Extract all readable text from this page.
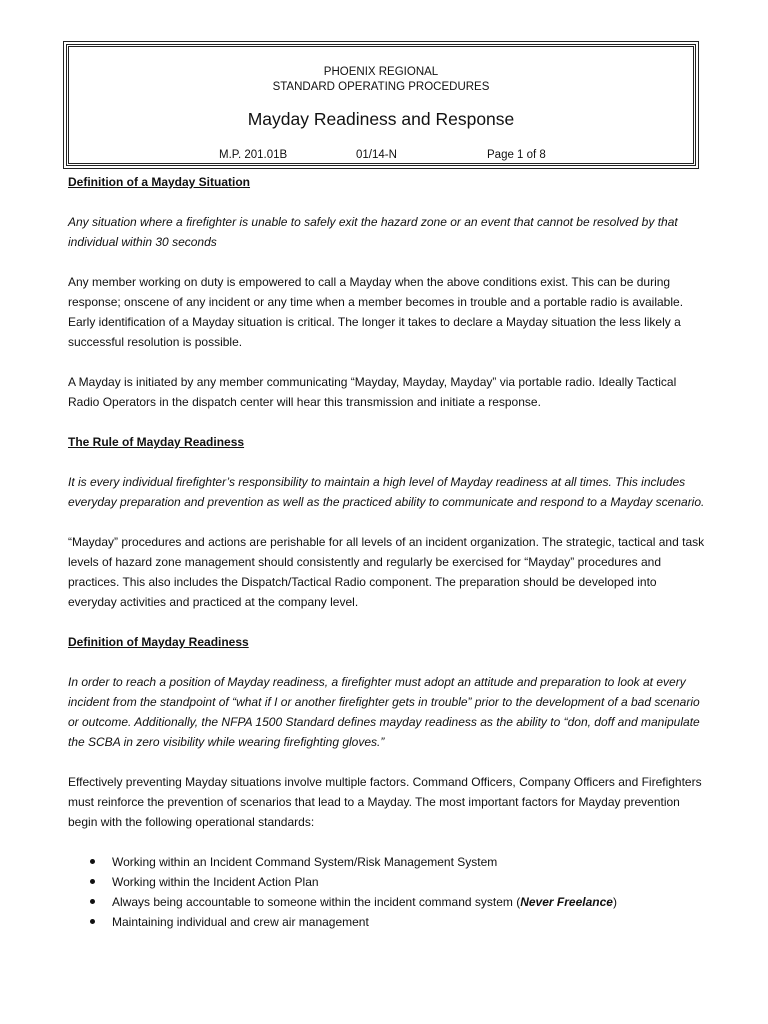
PHOENIX REGIONAL
STANDARD OPERATING PROCEDURES
Mayday Readiness and Response
M.P. 201.01B	01/14-N	Page 1 of 8

Definition of a Mayday Situation

Any situation where a firefighter is unable to safely exit the hazard zone or an event that cannot be resolved by that individual within 30 seconds

Any member working on duty is empowered to call a Mayday when the above conditions exist. This can be during response; onscene of any incident or any time when a member becomes in trouble and a portable radio is available. Early identification of a Mayday situation is critical. The longer it takes to declare a Mayday situation the less likely a successful resolution is possible.

A Mayday is initiated by any member communicating “Mayday, Mayday, Mayday” via portable radio. Ideally Tactical Radio Operators in the dispatch center will hear this transmission and initiate a response.

The Rule of Mayday Readiness

It is every individual firefighter’s responsibility to maintain a high level of Mayday readiness at all times. This includes everyday preparation and prevention as well as the practiced ability to communicate and respond to a Mayday scenario.

“Mayday” procedures and actions are perishable for all levels of an incident organization. The strategic, tactical and task levels of hazard zone management should consistently and regularly be exercised for “Mayday” procedures and practices. This also includes the Dispatch/Tactical Radio component. The preparation should be developed into everyday activities and practiced at the company level.

Definition of Mayday Readiness

In order to reach a position of Mayday readiness, a firefighter must adopt an attitude and preparation to look at every incident from the standpoint of “what if I or another firefighter gets in trouble” prior to the development of a bad scenario or outcome. Additionally, the NFPA 1500 Standard defines mayday readiness as the ability to “don, doff and manipulate the SCBA in zero visibility while wearing firefighting gloves.”

Effectively preventing Mayday situations involve multiple factors. Command Officers, Company Officers and Firefighters must reinforce the prevention of scenarios that lead to a Mayday. The most important factors for Mayday prevention begin with the following operational standards:

Working within an Incident Command System/Risk Management System
Working within the Incident Action Plan
Always being accountable to someone within the incident command system (Never Freelance)
Maintaining individual and crew air management
